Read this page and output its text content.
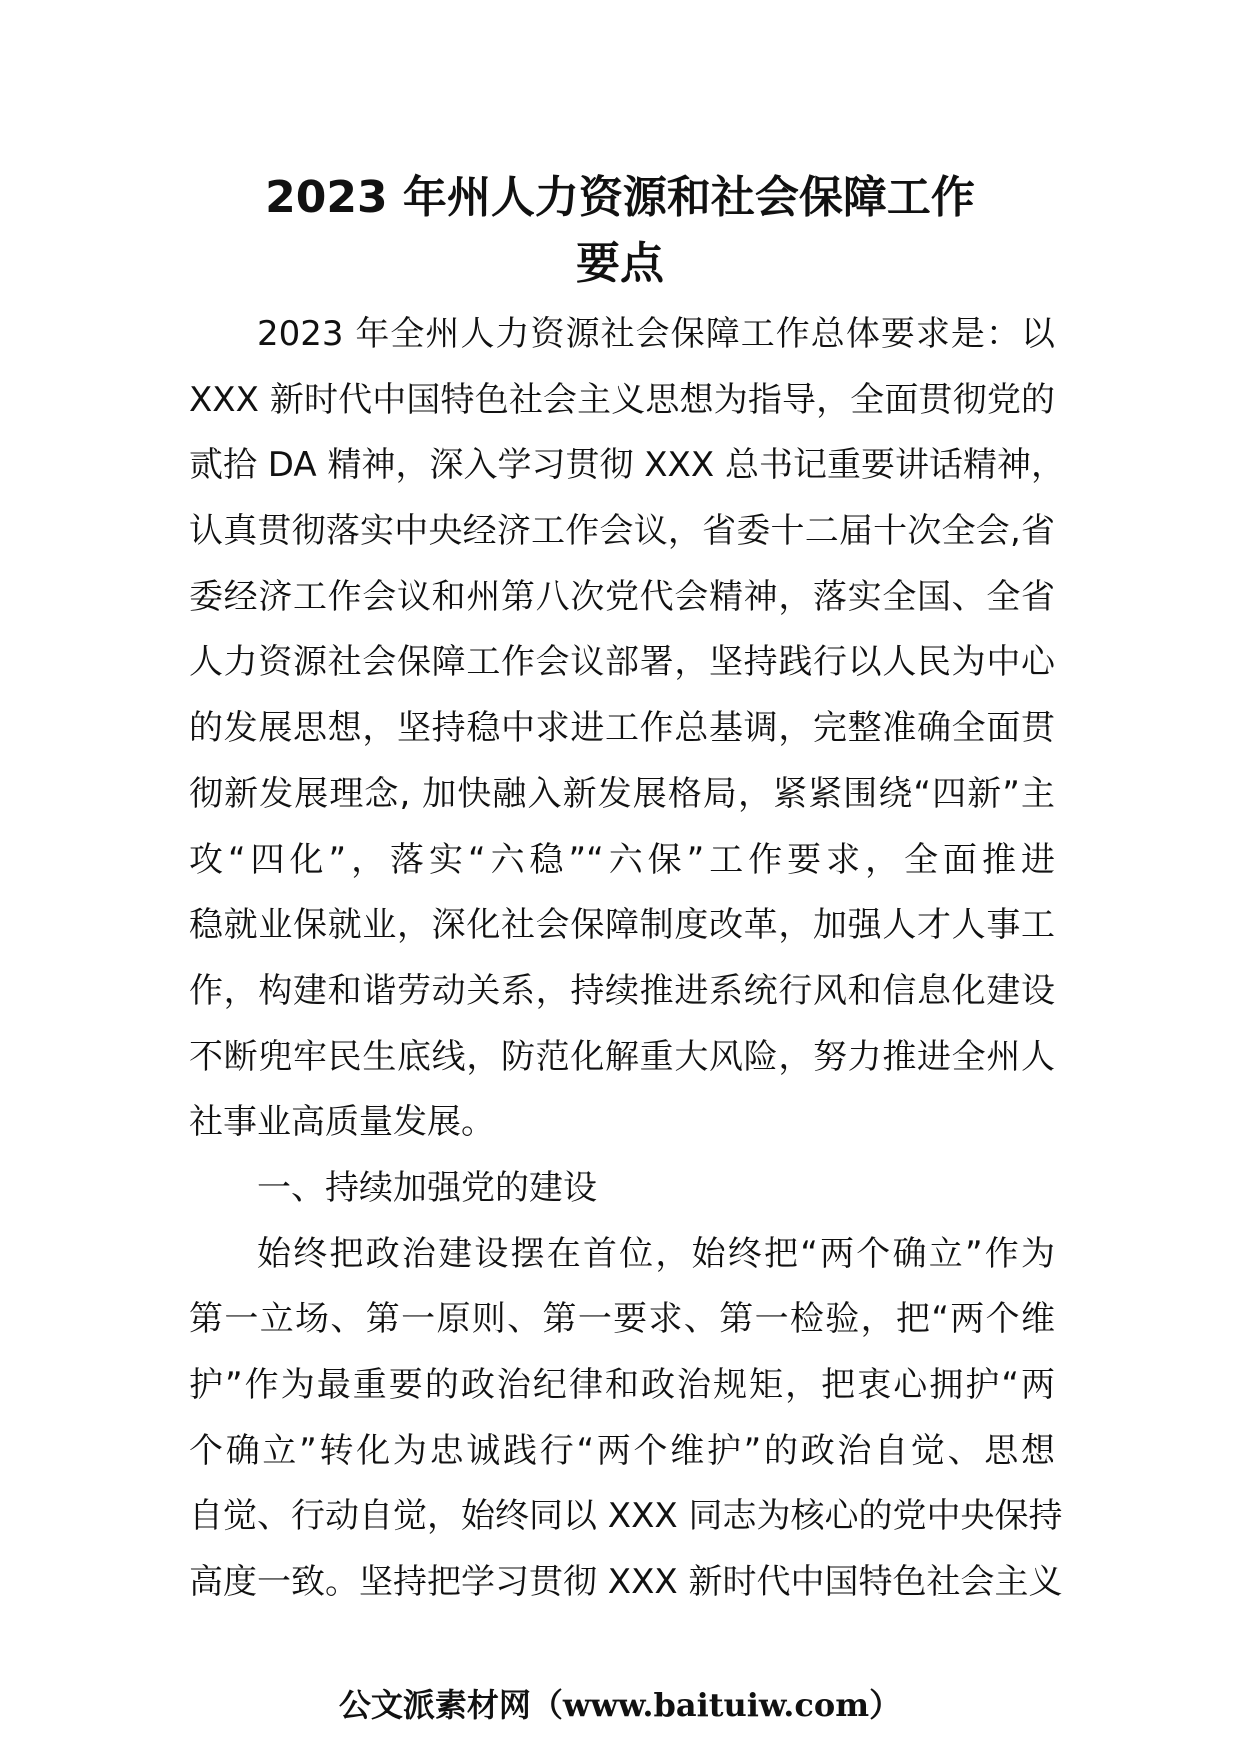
2023 年州人力资源和社会保障工作
要点
2023 年全州人力资源社会保障工作总体要求是：以
XXX 新时代中国特色社会主义思想为指导，全面贯彻党的
贰拾 DA 精神，深入学习贯彻 XXX 总书记重要讲话精神，
认真贯彻落实中央经济工作会议，省委十二届十次全会,省
委经济工作会议和州第八次党代会精神，落实全国、全省
人力资源社会保障工作会议部署，坚持践行以人民为中心
的发展思想，坚持稳中求进工作总基调，完整准确全面贯
彻新发展理念, 加快融入新发展格局，紧紧围绕“四新”主
攻“四化”，落实“六稳”“六保”工作要求，全面推进
稳就业保就业，深化社会保障制度改革，加强人才人事工
作，构建和谐劳动关系，持续推进系统行风和信息化建设
不断兜牢民生底线，防范化解重大风险，努力推进全州人
社事业高质量发展。
一、持续加强党的建设
始终把政治建设摆在首位，始终把“两个确立”作为
第一立场、第一原则、第一要求、第一检验，把“两个维
护”作为最重要的政治纪律和政治规矩，把衷心拥护“两
个确立”转化为忠诚践行“两个维护”的政治自觉、思想
自觉、行动自觉，始终同以 XXX 同志为核心的党中央保持
高度一致。坚持把学习贯彻 XXX 新时代中国特色社会主义
公文派素材网（www.baituiw.com）
